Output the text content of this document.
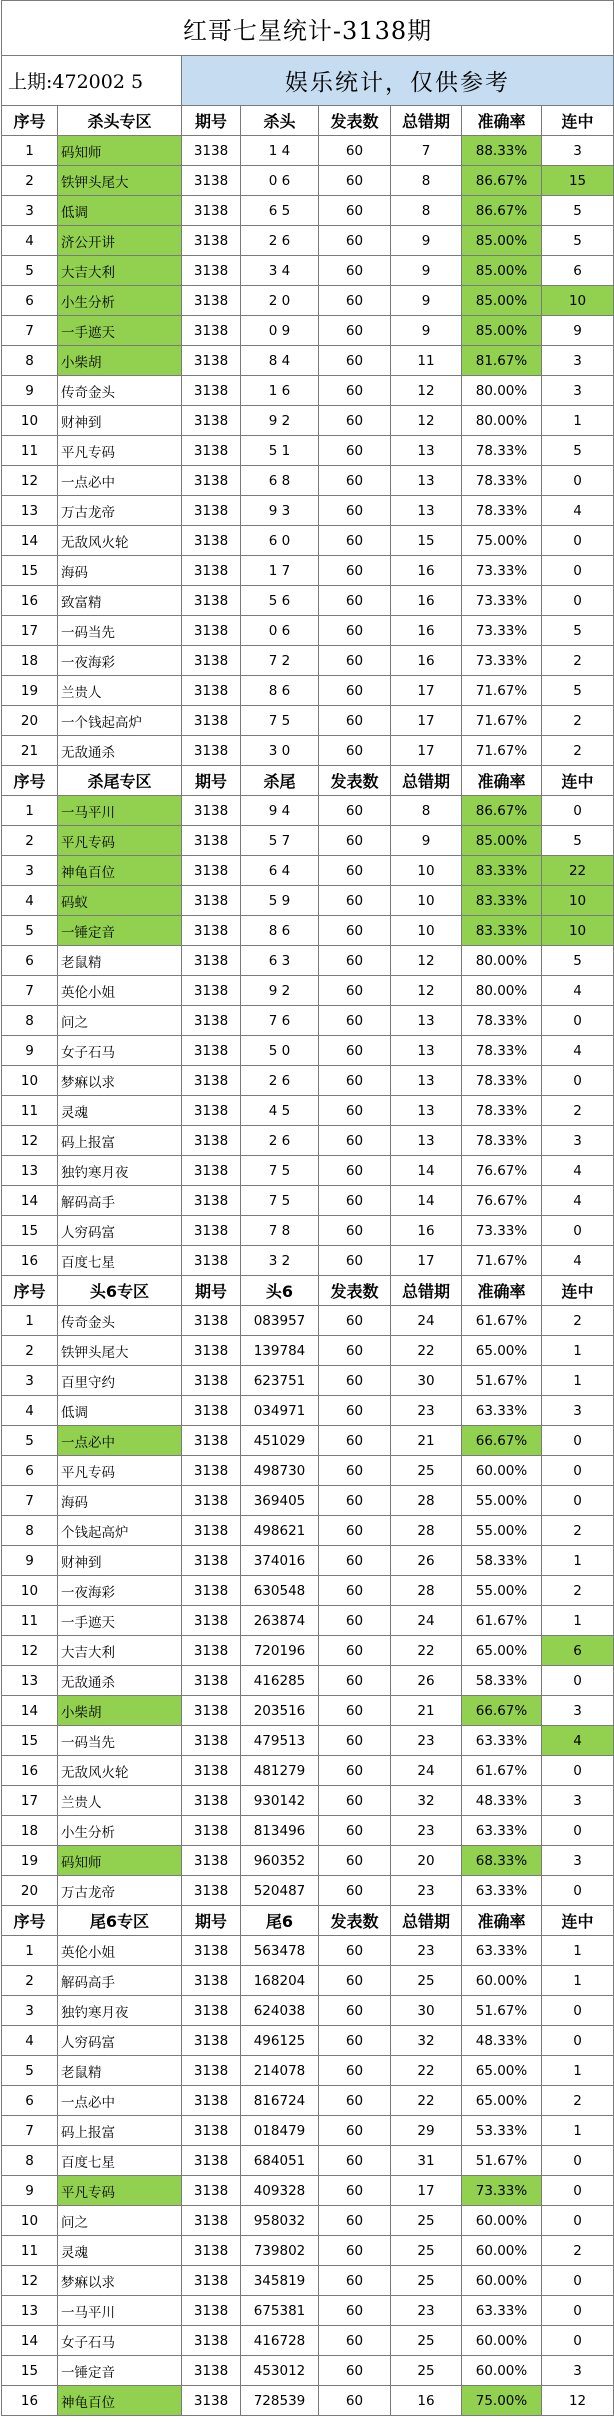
红哥七星统计-3138期							
上期:472002 5		娱乐统计，仅供参考					
序号	杀头专区	期号	杀头	发表数	总错期	准确率	连中
1	码知师	3138	1 4	60	7	88.33%	3
2	铁钾头尾大	3138	0 6	60	8	86.67%	15
3	低调	3138	6 5	60	8	86.67%	5
4	济公开讲	3138	2 6	60	9	85.00%	5
5	大吉大利	3138	3 4	60	9	85.00%	6
6	小生分析	3138	2 0	60	9	85.00%	10
7	一手遮天	3138	0 9	60	9	85.00%	9
8	小柴胡	3138	8 4	60	11	81.67%	3
9	传奇金头	3138	1 6	60	12	80.00%	3
10	财神到	3138	9 2	60	12	80.00%	1
11	平凡专码	3138	5 1	60	13	78.33%	5
12	一点必中	3138	6 8	60	13	78.33%	0
13	万古龙帝	3138	9 3	60	13	78.33%	4
14	无敌风火轮	3138	6 0	60	15	75.00%	0
15	海码	3138	1 7	60	16	73.33%	0
16	致富精	3138	5 6	60	16	73.33%	0
17	一码当先	3138	0 6	60	16	73.33%	5
18	一夜海彩	3138	7 2	60	16	73.33%	2
19	兰贵人	3138	8 6	60	17	71.67%	5
20	一个钱起高炉	3138	7 5	60	17	71.67%	2
21	无敌通杀	3138	3 0	60	17	71.67%	2
序号	杀尾专区	期号	杀尾	发表数	总错期	准确率	连中
1	一马平川	3138	9 4	60	8	86.67%	0
2	平凡专码	3138	5 7	60	9	85.00%	5
3	神龟百位	3138	6 4	60	10	83.33%	22
4	码蚁	3138	5 9	60	10	83.33%	10
5	一锤定音	3138	8 6	60	10	83.33%	10
6	老鼠精	3138	6 3	60	12	80.00%	5
7	英伦小姐	3138	9 2	60	12	80.00%	4
8	问之	3138	7 6	60	13	78.33%	0
9	女子石马	3138	5 0	60	13	78.33%	4
10	梦痳以求	3138	2 6	60	13	78.33%	0
11	灵魂	3138	4 5	60	13	78.33%	2
12	码上报富	3138	2 6	60	13	78.33%	3
13	独钓寒月夜	3138	7 5	60	14	76.67%	4
14	解码高手	3138	7 5	60	14	76.67%	4
15	人穷码富	3138	7 8	60	16	73.33%	0
16	百度七星	3138	3 2	60	17	71.67%	4
序号	头6专区	期号	头6	发表数	总错期	准确率	连中
1	传奇金头	3138	083957	60	24	61.67%	2
2	铁钾头尾大	3138	139784	60	22	65.00%	1
3	百里守约	3138	623751	60	30	51.67%	1
4	低调	3138	034971	60	23	63.33%	3
5	一点必中	3138	451029	60	21	66.67%	0
6	平凡专码	3138	498730	60	25	60.00%	0
7	海码	3138	369405	60	28	55.00%	0
8	个钱起高炉	3138	498621	60	28	55.00%	2
9	财神到	3138	374016	60	26	58.33%	1
10	一夜海彩	3138	630548	60	28	55.00%	2
11	一手遮天	3138	263874	60	24	61.67%	1
12	大吉大利	3138	720196	60	22	65.00%	6
13	无敌通杀	3138	416285	60	26	58.33%	0
14	小柴胡	3138	203516	60	21	66.67%	3
15	一码当先	3138	479513	60	23	63.33%	4
16	无敌风火轮	3138	481279	60	24	61.67%	0
17	兰贵人	3138	930142	60	32	48.33%	3
18	小生分析	3138	813496	60	23	63.33%	0
19	码知师	3138	960352	60	20	68.33%	3
20	万古龙帝	3138	520487	60	23	63.33%	0
序号	尾6专区	期号	尾6	发表数	总错期	准确率	连中
1	英伦小姐	3138	563478	60	23	63.33%	1
2	解码高手	3138	168204	60	25	60.00%	1
3	独钓寒月夜	3138	624038	60	30	51.67%	0
4	人穷码富	3138	496125	60	32	48.33%	0
5	老鼠精	3138	214078	60	22	65.00%	1
6	一点必中	3138	816724	60	22	65.00%	2
7	码上报富	3138	018479	60	29	53.33%	1
8	百度七星	3138	684051	60	31	51.67%	0
9	平凡专码	3138	409328	60	17	73.33%	0
10	问之	3138	958032	60	25	60.00%	0
11	灵魂	3138	739802	60	25	60.00%	2
12	梦痳以求	3138	345819	60	25	60.00%	0
13	一马平川	3138	675381	60	23	63.33%	0
14	女子石马	3138	416728	60	25	60.00%	0
15	一锤定音	3138	453012	60	25	60.00%	3
16	神龟百位	3138	728539	60	16	75.00%	12
